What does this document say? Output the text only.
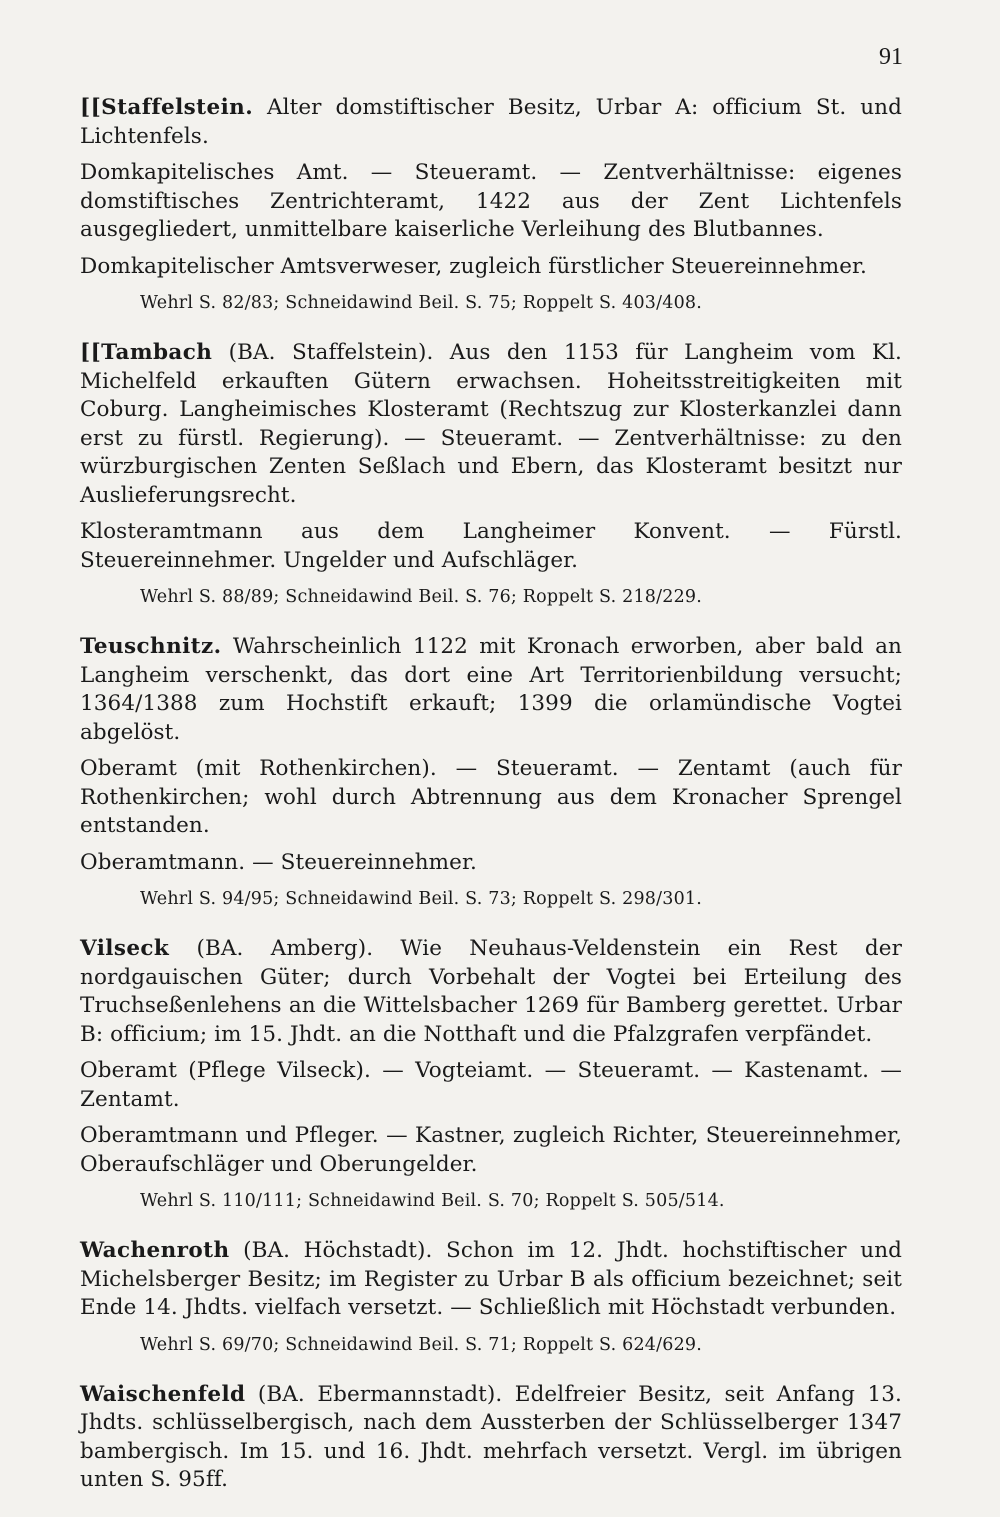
91

[[Staffelstein. Alter domstiftischer Besitz, Urbar A: officium St. und Lichtenfels.

Domkapitelisches Amt. — Steueramt. — Zentverhältnisse: eigenes domstiftisches Zentrichteramt, 1422 aus der Zent Lichtenfels ausgegliedert, unmittelbare kaiserliche Verleihung des Blutbannes.

Domkapitelischer Amtsverweser, zugleich fürstlicher Steuereinnehmer.

Wehrl S. 82/83; Schneidawind Beil. S. 75; Roppelt S. 403/408.

[[Tambach (BA. Staffelstein). Aus den 1153 für Langheim vom Kl. Michelfeld erkauften Gütern erwachsen. Hoheitsstreitigkeiten mit Coburg. Langheimisches Klosteramt (Rechtszug zur Klosterkanzlei dann erst zu fürstl. Regierung). — Steueramt. — Zentverhältnisse: zu den würzburgischen Zenten Seßlach und Ebern, das Klosteramt besitzt nur Auslieferungsrecht.

Klosteramtmann aus dem Langheimer Konvent. — Fürstl. Steuereinnehmer. Ungelder und Aufschläger.

Wehrl S. 88/89; Schneidawind Beil. S. 76; Roppelt S. 218/229.

Teuschnitz. Wahrscheinlich 1122 mit Kronach erworben, aber bald an Langheim verschenkt, das dort eine Art Territorienbildung versucht; 1364/1388 zum Hochstift erkauft; 1399 die orlamündische Vogtei abgelöst.

Oberamt (mit Rothenkirchen). — Steueramt. — Zentamt (auch für Rothenkirchen; wohl durch Abtrennung aus dem Kronacher Sprengel entstanden.

Oberamtmann. — Steuereinnehmer.

Wehrl S. 94/95; Schneidawind Beil. S. 73; Roppelt S. 298/301.

Vilseck (BA. Amberg). Wie Neuhaus-Veldenstein ein Rest der nordgauischen Güter; durch Vorbehalt der Vogtei bei Erteilung des Truchseßenlehens an die Wittelsbacher 1269 für Bamberg gerettet. Urbar B: officium; im 15. Jhdt. an die Notthaft und die Pfalzgrafen verpfändet.

Oberamt (Pflege Vilseck). — Vogteiamt. — Steueramt. — Kastenamt. — Zentamt.

Oberamtmann und Pfleger. — Kastner, zugleich Richter, Steuereinnehmer, Oberaufschläger und Oberungelder.

Wehrl S. 110/111; Schneidawind Beil. S. 70; Roppelt S. 505/514.

Wachenroth (BA. Höchstadt). Schon im 12. Jhdt. hochstiftischer und Michelsberger Besitz; im Register zu Urbar B als officium bezeichnet; seit Ende 14. Jhdts. vielfach versetzt. — Schließlich mit Höchstadt verbunden.

Wehrl S. 69/70; Schneidawind Beil. S. 71; Roppelt S. 624/629.

Waischenfeld (BA. Ebermannstadt). Edelfreier Besitz, seit Anfang 13. Jhdts. schlüsselbergisch, nach dem Aussterben der Schlüsselberger 1347 bambergisch. Im 15. und 16. Jhdt. mehrfach versetzt. Vergl. im übrigen unten S. 95ff.
